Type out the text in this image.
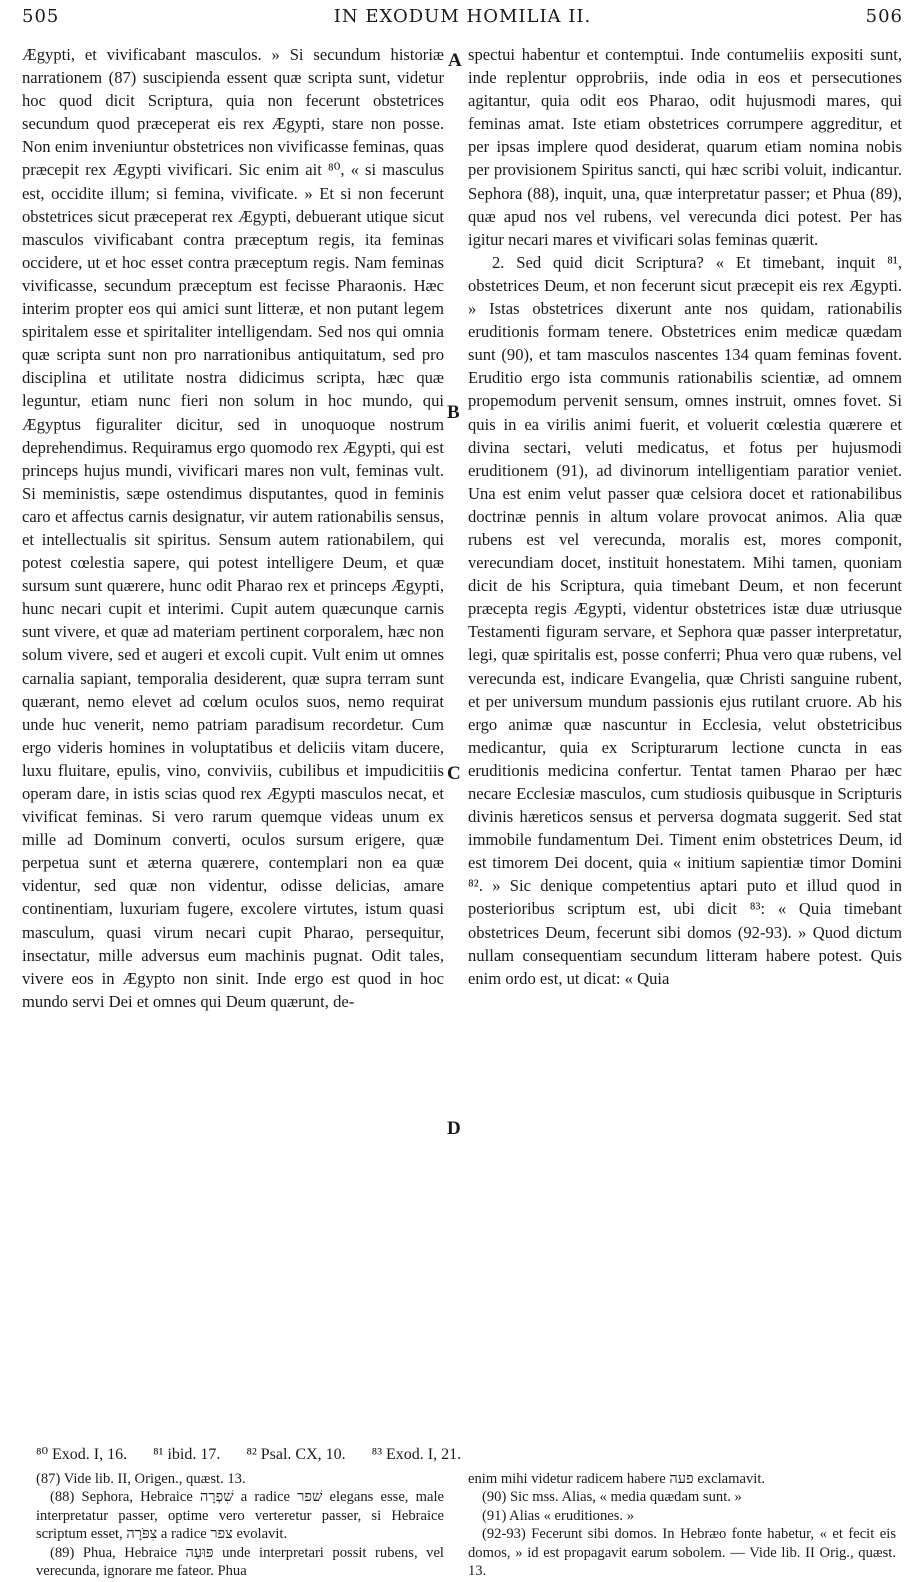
505	IN EXODUM HOMILIA II.	506

Ægypti, et vivificabant masculos. » Si secundum historiæ narrationem (87) suscipienda essent quæ scripta sunt, videtur hoc quod dicit Scriptura, quia non fecerunt obstetrices secundum quod præceperat eis rex Ægypti, stare non posse. Non enim inveniuntur obstetrices non vivificasse feminas, quas præcepit rex Ægypti vivificari. Sic enim ait ⁸⁰, « si masculus est, occidite illum; si femina, vivificate. » Et si non fecerunt obstetrices sicut præceperat rex Ægypti, debuerant utique sicut masculos vivificabant contra præceptum regis, ita feminas occidere, ut et hoc esset contra præceptum regis. Nam feminas vivificasse, secundum præceptum est fecisse Pharaonis. Hæc interim propter eos qui amici sunt litteræ, et non putant legem spiritalem esse et spiritaliter intelligendam. Sed nos qui omnia quæ scripta sunt non pro narrationibus antiquitatum, sed pro disciplina et utilitate nostra didicimus scripta, hæc quæ leguntur, etiam nunc fieri non solum in hoc mundo, qui Ægyptus figuraliter dicitur, sed in unoquoque nostrum deprehendimus. Requiramus ergo quomodo rex Ægypti, qui est princeps hujus mundi, vivificari mares non vult, feminas vult. Si meministis, sæpe ostendimus disputantes, quod in feminis caro et affectus carnis designatur, vir autem rationabilis sensus, et intellectualis sit spiritus. Sensum autem rationabilem, qui potest cœlestia sapere, qui potest intelligere Deum, et quæ sursum sunt quærere, hunc odit Pharao rex et princeps Ægypti, hunc necari cupit et interimi. Cupit autem quæcunque carnis sunt vivere, et quæ ad materiam pertinent corporalem, hæc non solum vivere, sed et augeri et excoli cupit. Vult enim ut omnes carnalia sapiant, temporalia desiderent, quæ supra terram sunt quærant, nemo elevet ad cœlum oculos suos, nemo requirat unde huc venerit, nemo patriam paradisum recordetur. Cum ergo videris homines in voluptatibus et deliciis vitam ducere, luxu fluitare, epulis, vino, conviviis, cubilibus et impudicitiis operam dare, in istis scias quod rex Ægypti masculos necat, et vivificat feminas. Si vero rarum quemque videas unum ex mille ad Dominum converti, oculos sursum erigere, quæ perpetua sunt et æterna quærere, contemplari non ea quæ videntur, sed quæ non videntur, odisse delicias, amare continentiam, luxuriam fugere, excolere virtutes, istum quasi masculum, quasi virum necari cupit Pharao, persequitur, insectatur, mille adversus eum machinis pugnat. Odit tales, vivere eos in Ægypto non sinit. Inde ergo est quod in hoc mundo servi Dei et omnes qui Deum quærunt, de-

spectui habentur et contemptui. Inde contumeliis expositi sunt, inde replentur opprobriis, inde odia in eos et persecutiones agitantur, quia odit eos Pharao, odit hujusmodi mares, qui feminas amat. Iste etiam obstetrices corrumpere aggreditur, et per ipsas implere quod desiderat, quarum etiam nomina nobis per provisionem Spiritus sancti, qui hæc scribi voluit, indicantur. Sephora (88), inquit, una, quæ interpretatur passer; et Phua (89), quæ apud nos vel rubens, vel verecunda dici potest. Per has igitur necari mares et vivificari solas feminas quærit.

2. Sed quid dicit Scriptura? « Et timebant, inquit ⁸¹, obstetrices Deum, et non fecerunt sicut præcepit eis rex Ægypti. » Istas obstetrices dixerunt ante nos quidam, rationabilis eruditionis formam tenere. Obstetrices enim medicæ quædam sunt (90), et tam masculos nascentes 134 quam feminas fovent. Eruditio ergo ista communis rationabilis scientiæ, ad omnem propemodum pervenit sensum, omnes instruit, omnes fovet. Si quis in ea virilis animi fuerit, et voluerit cœlestia quærere et divina sectari, veluti medicatus, et fotus per hujusmodi eruditionem (91), ad divinorum intelligentiam paratior veniet. Una est enim velut passer quæ celsiora docet et rationabilibus doctrinæ pennis in altum volare provocat animos. Alia quæ rubens est vel verecunda, moralis est, mores componit, verecundiam docet, instituit honestatem. Mihi tamen, quoniam dicit de his Scriptura, quia timebant Deum, et non fecerunt præcepta regis Ægypti, videntur obstetrices istæ duæ utriusque Testamenti figuram servare, et Sephora quæ passer interpretatur, legi, quæ spiritalis est, posse conferri; Phua vero quæ rubens, vel verecunda est, indicare Evangelia, quæ Christi sanguine rubent, et per universum mundum passionis ejus rutilant cruore. Ab his ergo animæ quæ nascuntur in Ecclesia, velut obstetricibus medicantur, quia ex Scripturarum lectione cuncta in eas eruditionis medicina confertur. Tentat tamen Pharao per hæc necare Ecclesiæ masculos, cum studiosis quibusque in Scripturis divinis hæreticos sensus et perversa dogmata suggerit. Sed stat immobile fundamentum Dei. Timent enim obstetrices Deum, id est timorem Dei docent, quia « initium sapientiæ timor Domini ⁸². » Sic denique competentius aptari puto et illud quod in posterioribus scriptum est, ubi dicit ⁸³: « Quia timebant obstetrices Deum, fecerunt sibi domos (92-93). » Quod dictum nullam consequentiam secundum litteram habere potest. Quis enim ordo est, ut dicat: « Quia

A
B
C
D
⁸⁰ Exod. I, 16. ⁸¹ ibid. 17. ⁸² Psal. CX, 10. ⁸³ Exod. I, 21.

(87) Vide lib. II, Origen., quæst. 13.

(88) Sephora, Hebraice שִׁפְרָה a radice שׁפר elegans esse, male interpretatur passer, optime vero verteretur passer, si Hebraice scriptum esset, צִפֹּרָה a radice צפר evolavit.

(89) Phua, Hebraice פּוּעָה unde interpretari possit rubens, vel verecunda, ignorare me fateor. Phua

enim mihi videtur radicem habere פעה exclamavit.

(90) Sic mss. Alias, « media quædam sunt. »

(91) Alias « eruditiones. »

(92-93) Fecerunt sibi domos. In Hebræo fonte habetur, « et fecit eis domos, » id est propagavit earum sobolem. — Vide lib. II Orig., quæst. 13.
